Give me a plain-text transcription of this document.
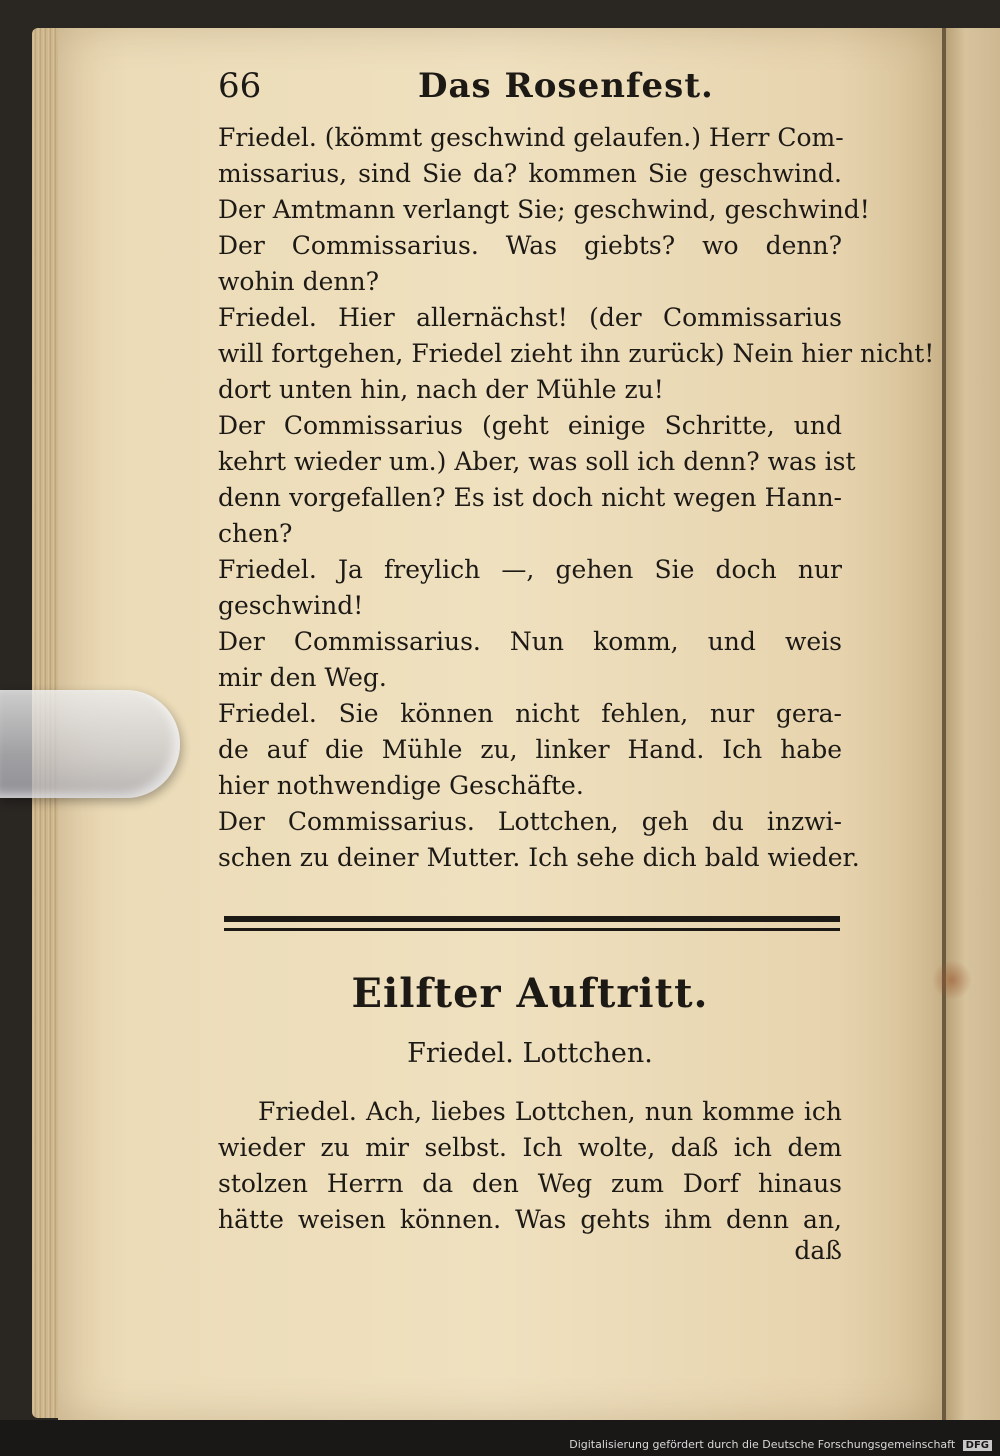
66	Das Rosenfest.
Friedel. (kömmt geschwind gelaufen.) Herr Com-
missarius, sind Sie da? kommen Sie geschwind.
Der Amtmann verlangt Sie; geschwind, geschwind!
Der Commissarius. Was giebts? wo denn?
wohin denn?
Friedel. Hier allernächst! (der Commissarius
will fortgehen, Friedel zieht ihn zurück) Nein hier nicht!
dort unten hin, nach der Mühle zu!
Der Commissarius (geht einige Schritte, und
kehrt wieder um.) Aber, was soll ich denn? was ist
denn vorgefallen? Es ist doch nicht wegen Hann-
chen?
Friedel. Ja freylich —, gehen Sie doch nur
geschwind!
Der Commissarius. Nun komm, und weis
mir den Weg.
Friedel. Sie können nicht fehlen, nur gera-
de auf die Mühle zu, linker Hand. Ich habe
hier nothwendige Geschäfte.
Der Commissarius. Lottchen, geh du inzwi-
schen zu deiner Mutter. Ich sehe dich bald wieder.
Eilfter Auftritt.
Friedel. Lottchen.
Friedel. Ach, liebes Lottchen, nun komme ich
wieder zu mir selbst. Ich wolte, daß ich dem
stolzen Herrn da den Weg zum Dorf hinaus
hätte weisen können. Was gehts ihm denn an,
daß
Digitalisierung gefördert durch die Deutsche Forschungsgemeinschaft DFG
